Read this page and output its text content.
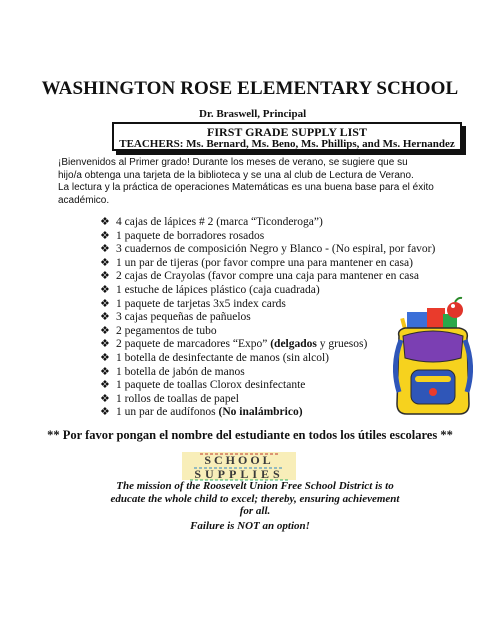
WASHINGTON ROSE ELEMENTARY SCHOOL
Dr. Braswell, Principal
FIRST GRADE SUPPLY LIST
TEACHERS: Ms. Bernard, Ms. Beno, Ms. Phillips, and Ms. Hernandez
¡Bienvenidos al Primer grado! Durante los meses de verano, se sugiere que su
hijo/a obtenga una tarjeta de la biblioteca y se una al club de Lectura de Verano.
La lectura y la práctica de operaciones Matemáticas es una buena base para el éxito
académico.
❖ 4 cajas de lápices # 2 (marca “Ticonderoga”)
❖ 1 paquete de borradores rosados
❖ 3 cuadernos de composición Negro y Blanco - (No espiral, por favor)
❖ 1 un par de tijeras (por favor compre una para mantener en casa)
❖ 2 cajas de Crayolas (favor compre una caja para mantener en casa
❖ 1 estuche de lápices plástico (caja cuadrada)
❖ 1 paquete de tarjetas 3x5 index cards
❖ 3 cajas pequeñas de pañuelos
❖ 2 pegamentos de tubo
❖ 2 paquete de marcadores “Expo” (delgados y gruesos)
❖ 1 botella de desinfectante de manos (sin alcol)
❖ 1 botella de jabón de manos
❖ 1 paquete de toallas Clorox desinfectante
❖ 1 rollos de toallas de papel
❖ 1 un par de audífonos (No inalámbrico)
** Por favor pongan el nombre del estudiante en todos los útiles escolares **
SCHOOL
SUPPLIES
The mission of the Roosevelt Union Free School District is to
educate the whole child to excel; thereby, ensuring achievement
for all.
Failure is NOT an option!
